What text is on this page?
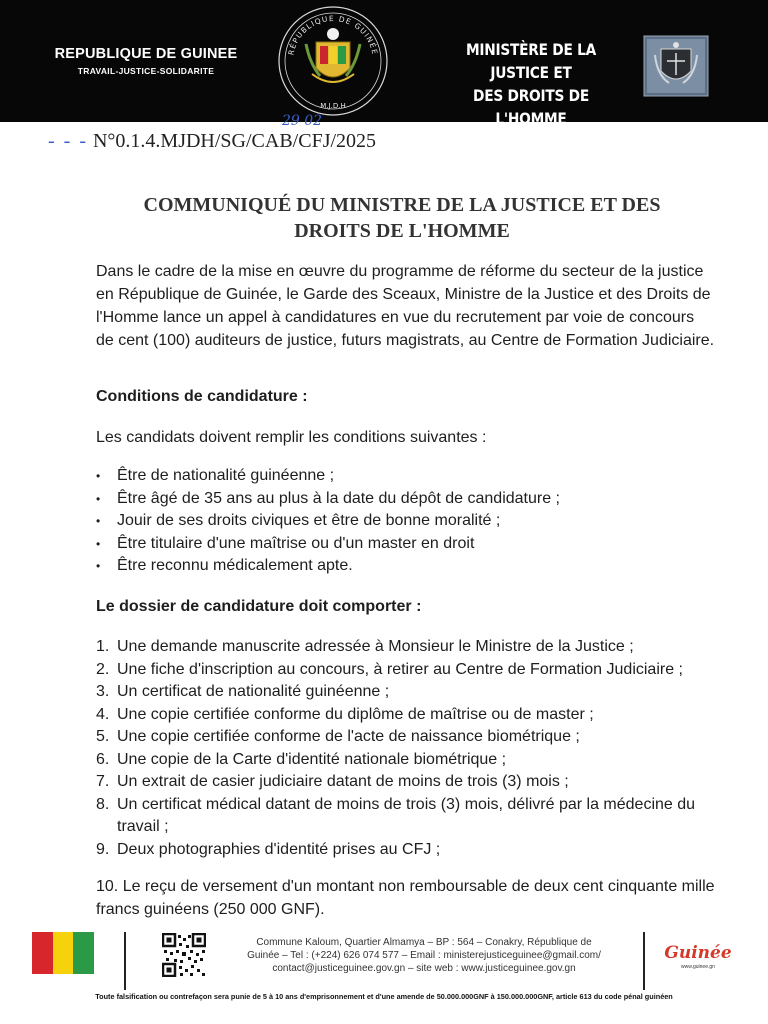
REPUBLIQUE DE GUINEE
TRAVAIL-JUSTICE-SOLIDARITE
RÉPUBLIQUE DE GUINÉE
M.J.D.H
MINISTÈRE DE LA JUSTICE ET
DES DROITS DE L'HOMME
29 02
- - - N°0.1.4.MJDH/SG/CAB/CFJ/2025
COMMUNIQUÉ DU MINISTRE DE LA JUSTICE ET DES
DROITS DE L'HOMME

Dans le cadre de la mise en œuvre du programme de réforme du secteur de la justice en République de Guinée, le Garde des Sceaux, Ministre de la Justice et des Droits de l'Homme lance un appel à candidatures en vue du recrutement par voie de concours de cent (100) auditeurs de justice, futurs magistrats, au Centre de Formation Judiciaire.

Conditions de candidature :

Les candidats doivent remplir les conditions suivantes :

• Être de nationalité guinéenne ;
• Être âgé de 35 ans au plus à la date du dépôt de candidature ;
• Jouir de ses droits civiques et être de bonne moralité ;
• Être titulaire d'une maîtrise ou d'un master en droit
• Être reconnu médicalement apte.

Le dossier de candidature doit comporter :

1. Une demande manuscrite adressée à Monsieur le Ministre de la Justice ;
2. Une fiche d'inscription au concours, à retirer au Centre de Formation Judiciaire ;
3. Un certificat de nationalité guinéenne ;
4. Une copie certifiée conforme du diplôme de maîtrise ou de master ;
5. Une copie certifiée conforme de l'acte de naissance biométrique ;
6. Une copie de la Carte d'identité nationale biométrique ;
7. Un extrait de casier judiciaire datant de moins de trois (3) mois ;
8. Un certificat médical datant de moins de trois (3) mois, délivré par la médecine du travail ;
9. Deux photographies d'identité prises au CFJ ;

10. Le reçu de versement d'un montant non remboursable de deux cent cinquante mille francs guinéens (250 000 GNF).

Commune Kaloum, Quartier Almamya – BP : 564 – Conakry, République de
Guinée – Tel : (+224) 626 074 577 – Email : ministerejusticeguinee@gmail.com/
contact@justiceguinee.gov.gn – site web : www.justiceguinee.gov.gn
Guinée
www.guinee.gn
Toute falsification ou contrefaçon sera punie de 5 à 10 ans d'emprisonnement et d'une amende de 50.000.000GNF à 150.000.000GNF, article 613 du code pénal guinéen
